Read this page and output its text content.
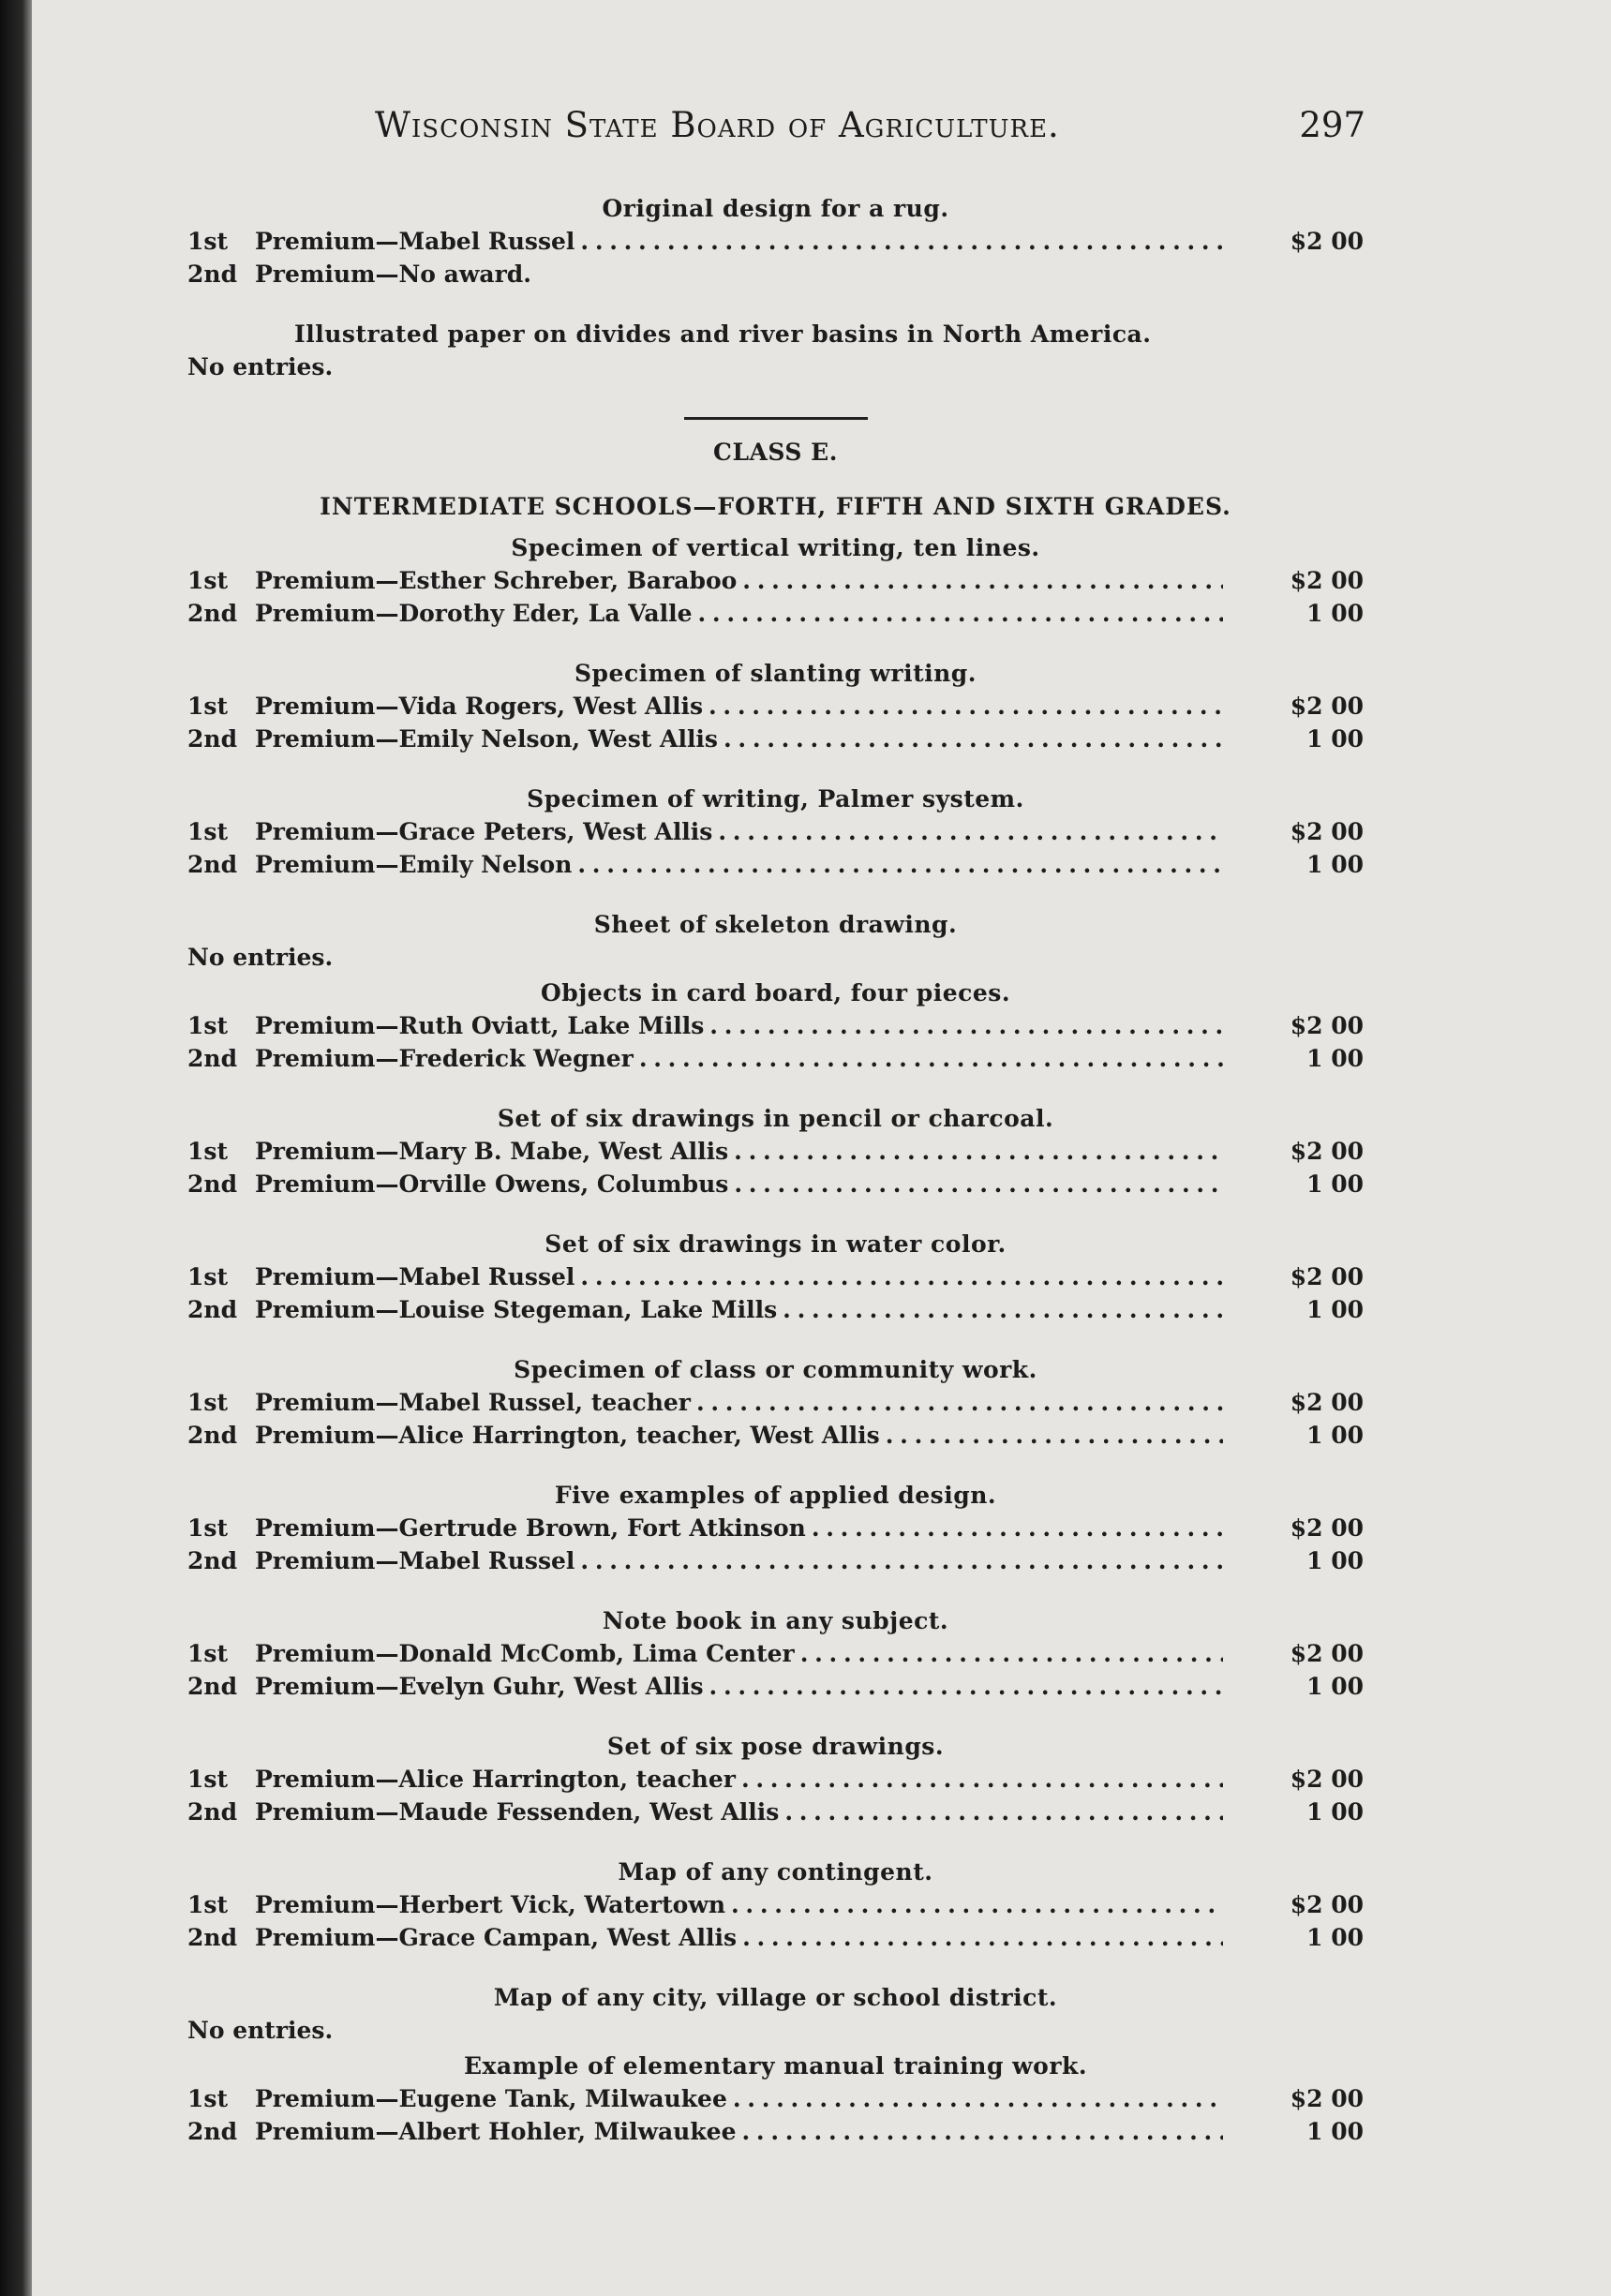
Wisconsin State Board of Agriculture.	297
Original design for a rug.
1st	Premium—Mabel Russel . . .	$2 00
2nd Premium—No award.
Illustrated paper on divides and river basins in North America.
No entries.
CLASS E.
INTERMEDIATE SCHOOLS—FORTH, FIFTH AND SIXTH GRADES.
Specimen of vertical writing, ten lines.
1st	Premium—Esther Schreber, Baraboo . . .	$2 00
2nd Premium—Dorothy Eder, La Valle . . .	1 00
Specimen of slanting writing.
1st	Premium—Vida Rogers, West Allis . . .	$2 00
2nd Premium—Emily Nelson, West Allis . . .	1 00
Specimen of writing, Palmer system.
1st	Premium—Grace Peters, West Allis . . .	$2 00
2nd Premium—Emily Nelson . . .	1 00
Sheet of skeleton drawing.
No entries.
Objects in card board, four pieces.
1st	Premium—Ruth Oviatt, Lake Mills . . .	$2 00
2nd Premium—Frederick Wegner . . .	1 00
Set of six drawings in pencil or charcoal.
1st	Premium—Mary B. Mabe, West Allis . . .	$2 00
2nd Premium—Orville Owens, Columbus . . .	1 00
Set of six drawings in water color.
1st	Premium—Mabel Russel . . .	$2 00
2nd Premium—Louise Stegeman, Lake Mills . . .	1 00
Specimen of class or community work.
1st	Premium—Mabel Russel, teacher . . .	$2 00
2nd Premium—Alice Harrington, teacher, West Allis . . .	1 00
Five examples of applied design.
1st	Premium—Gertrude Brown, Fort Atkinson . . .	$2 00
2nd Premium—Mabel Russel . . .	1 00
Note book in any subject.
1st	Premium—Donald McComb, Lima Center . . .	$2 00
2nd Premium—Evelyn Guhr, West Allis . . .	1 00
Set of six pose drawings.
1st	Premium—Alice Harrington, teacher . . .	$2 00
2nd Premium—Maude Fessenden, West Allis . . .	1 00
Map of any contingent.
1st	Premium—Herbert Vick, Watertown . . .	$2 00
2nd Premium—Grace Campan, West Allis . . .	1 00
Map of any city, village or school district.
No entries.
Example of elementary manual training work.
1st	Premium—Eugene Tank, Milwaukee . . .	$2 00
2nd Premium—Albert Hohler, Milwaukee . . .	1 00
